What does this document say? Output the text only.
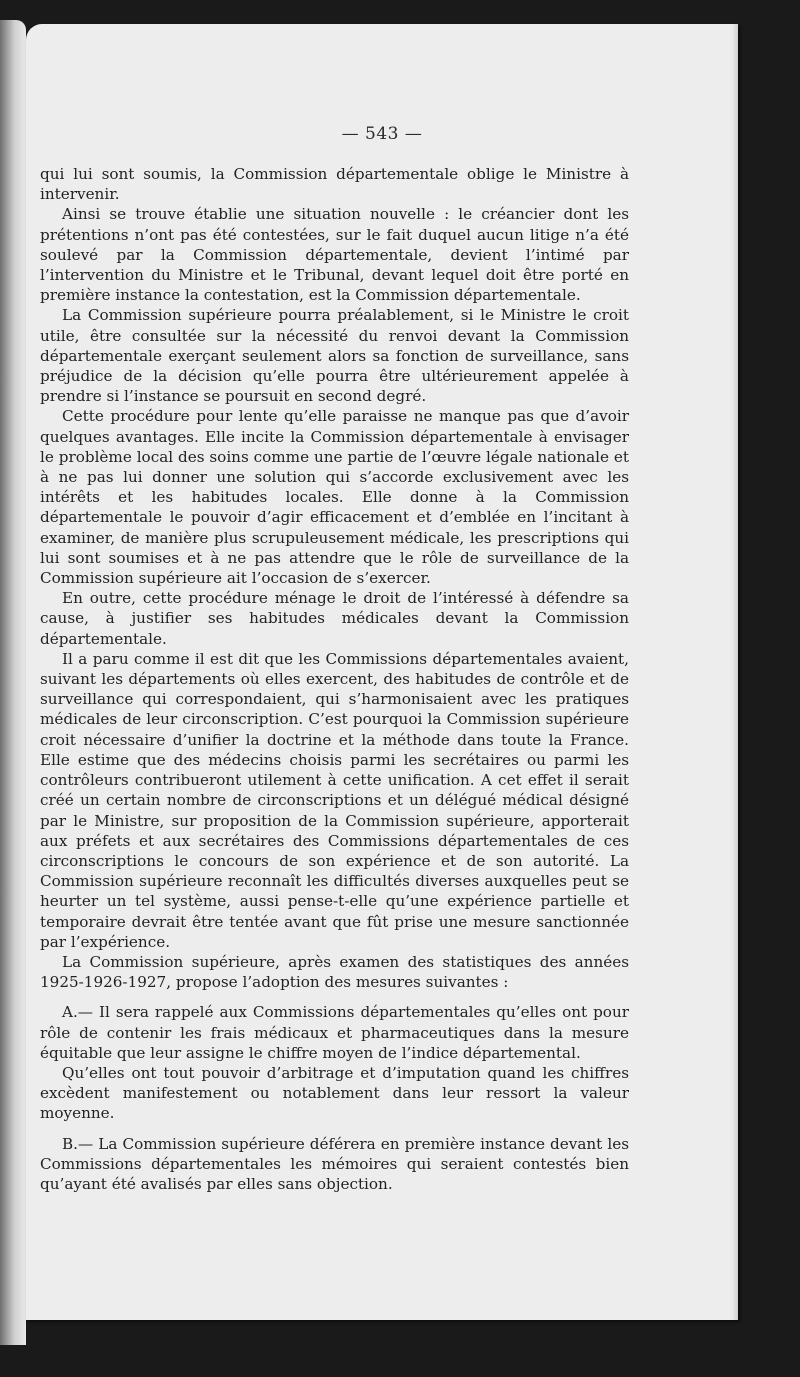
— 543 —

qui lui sont soumis, la Commission départementale oblige le Ministre à intervenir.

Ainsi se trouve établie une situation nouvelle : le créancier dont les prétentions n’ont pas été contestées, sur le fait duquel aucun litige n’a été soulevé par la Commission départementale, devient l’intimé par l’intervention du Ministre et le Tribunal, devant lequel doit être porté en première instance la contestation, est la Commission départementale.

La Commission supérieure pourra préalablement, si le Ministre le croit utile, être consultée sur la nécessité du renvoi devant la Commission départementale exerçant seulement alors sa fonction de surveillance, sans préjudice de la décision qu’elle pourra être ultérieurement appelée à prendre si l’instance se poursuit en second degré.

Cette procédure pour lente qu’elle paraisse ne manque pas que d’avoir quelques avantages. Elle incite la Commission départementale à envisager le problème local des soins comme une partie de l’œuvre légale nationale et à ne pas lui donner une solution qui s’accorde exclusivement avec les intérêts et les habitudes locales. Elle donne à la Commission départementale le pouvoir d’agir efficacement et d’emblée en l’incitant à examiner, de manière plus scrupuleusement médicale, les prescriptions qui lui sont soumises et à ne pas attendre que le rôle de surveillance de la Commission supérieure ait l’occasion de s’exercer.

En outre, cette procédure ménage le droit de l’intéressé à défendre sa cause, à justifier ses habitudes médicales devant la Commission départementale.

Il a paru comme il est dit que les Commissions départementales avaient, suivant les départements où elles exercent, des habitudes de contrôle et de surveillance qui correspondaient, qui s’harmonisaient avec les pratiques médicales de leur circonscription. C’est pourquoi la Commission supérieure croit nécessaire d’unifier la doctrine et la méthode dans toute la France. Elle estime que des médecins choisis parmi les secrétaires ou parmi les contrôleurs contribueront utilement à cette unification. A cet effet il serait créé un certain nombre de circonscriptions et un délégué médical désigné par le Ministre, sur proposition de la Commission supérieure, apporterait aux préfets et aux secrétaires des Commissions départementales de ces circonscriptions le concours de son expérience et de son autorité. La Commission supérieure reconnaît les difficultés diverses auxquelles peut se heurter un tel système, aussi pense-t-elle qu’une expérience partielle et temporaire devrait être tentée avant que fût prise une mesure sanctionnée par l’expérience.

La Commission supérieure, après examen des statistiques des années 1925-1926-1927, propose l’adoption des mesures suivantes :

A.— Il sera rappelé aux Commissions départementales qu’elles ont pour rôle de contenir les frais médicaux et pharmaceutiques dans la mesure équitable que leur assigne le chiffre moyen de l’indice départemental.

Qu’elles ont tout pouvoir d’arbitrage et d’imputation quand les chiffres excèdent manifestement ou notablement dans leur ressort la valeur moyenne.

B.— La Commission supérieure déférera en première instance devant les Commissions départementales les mémoires qui seraient contestés bien qu’ayant été avalisés par elles sans objection.
